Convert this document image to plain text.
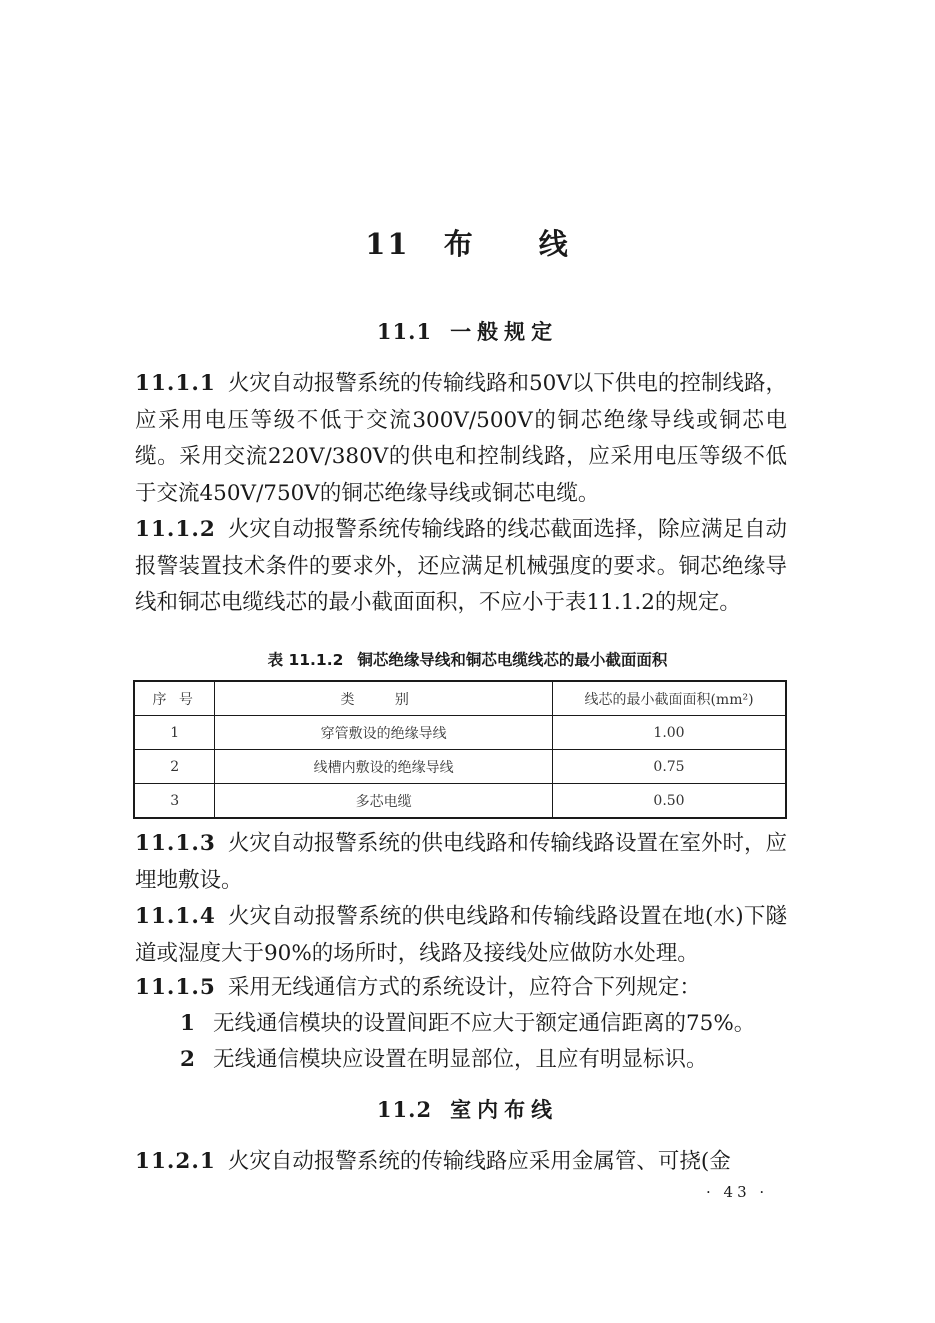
11 布 线
11.1 一般规定
11.1.1 火灾自动报警系统的传输线路和50V以下供电的控制线路，应采用电压等级不低于交流300V/500V的铜芯绝缘导线或铜芯电缆。采用交流220V/380V的供电和控制线路，应采用电压等级不低于交流450V/750V的铜芯绝缘导线或铜芯电缆。
11.1.2 火灾自动报警系统传输线路的线芯截面选择，除应满足自动报警装置技术条件的要求外，还应满足机械强度的要求。铜芯绝缘导线和铜芯电缆线芯的最小截面面积，不应小于表11.1.2的规定。
表 11.1.2 铜芯绝缘导线和铜芯电缆线芯的最小截面面积
序 号	类 别	线芯的最小截面面积(mm²)
1	穿管敷设的绝缘导线	1.00
2	线槽内敷设的绝缘导线	0.75
3	多芯电缆	0.50
11.1.3 火灾自动报警系统的供电线路和传输线路设置在室外时，应埋地敷设。
11.1.4 火灾自动报警系统的供电线路和传输线路设置在地(水)下隧道或湿度大于90%的场所时，线路及接线处应做防水处理。
11.1.5 采用无线通信方式的系统设计，应符合下列规定：
1 无线通信模块的设置间距不应大于额定通信距离的75%。
2 无线通信模块应设置在明显部位，且应有明显标识。
11.2 室内布线
11.2.1 火灾自动报警系统的传输线路应采用金属管、可挠(金
· 43 ·
